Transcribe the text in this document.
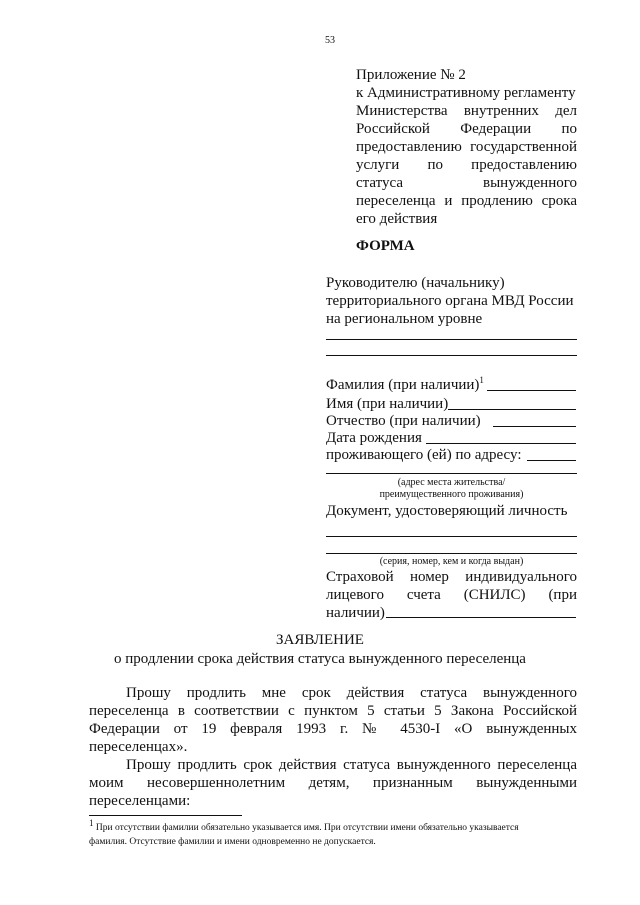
53
Приложение № 2
к Административному регламенту
Министерства внутренних дел
Российской Федерации по
предоставлению государственной
услуги по предоставлению
статуса вынужденного
переселенца и продлению срока
его действия
ФОРМА
Руководителю (начальнику)
территориального органа МВД России
на региональном уровне
Фамилия (при наличии)$^1$
Имя (при наличии)
Отчество (при наличии)
Дата рождения
проживающего (ей) по адресу:
(адрес места жительства/
преимущественного проживания)
Документ, удостоверяющий личность
(серия, номер, кем и когда выдан)
Страховой номер индивидуального
лицевого счета (СНИЛС) (при
наличии)
ЗАЯВЛЕНИЕ
о продлении срока действия статуса вынужденного переселенца
Прошу продлить мне срок действия статуса вынужденного
переселенца в соответствии с пунктом 5 статьи 5 Закона Российской
Федерации от 19 февраля 1993 г. № 4530-I «О вынужденных
переселенцах».
Прошу продлить срок действия статуса вынужденного переселенца
моим несовершеннолетним детям, признанным вынужденными
переселенцами:
$^1$ При отсутствии фамилии обязательно указывается имя. При отсутствии имени обязательно указывается
фамилия. Отсутствие фамилии и имени одновременно не допускается.
